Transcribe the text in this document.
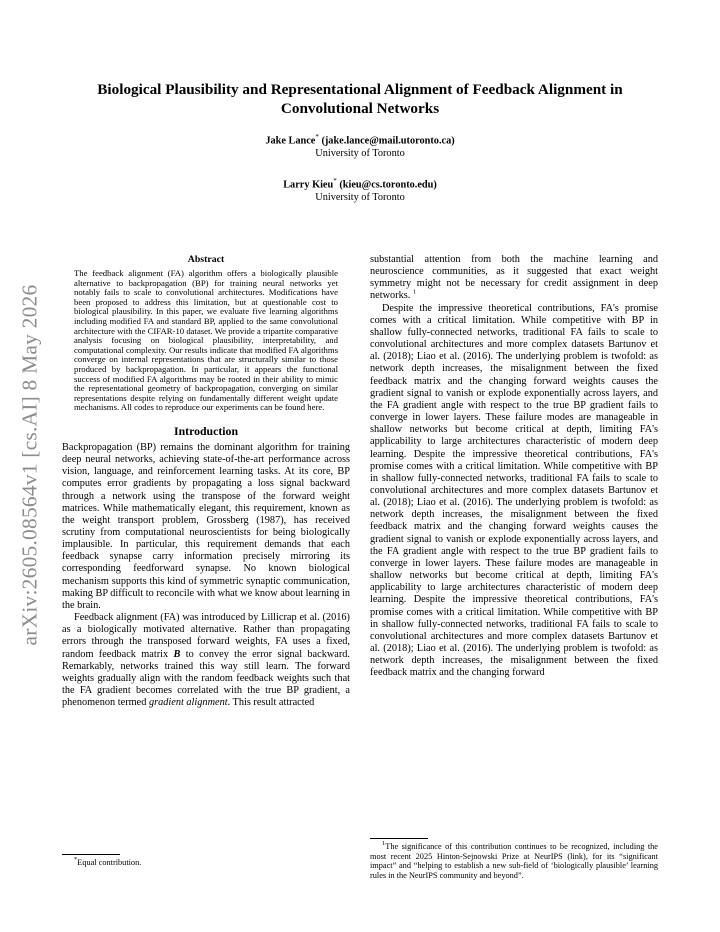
arXiv:2605.08564v1 [cs.AI] 8 May 2026
Biological Plausibility and Representational Alignment of Feedback Alignment in Convolutional Networks
Jake Lance* (jake.lance@mail.utoronto.ca)
University of Toronto
Larry Kieu* (kieu@cs.toronto.edu)
University of Toronto
Abstract

The feedback alignment (FA) algorithm offers a biologically plausible alternative to backpropagation (BP) for training neural networks yet notably fails to scale to convolutional architectures. Modifications have been proposed to address this limitation, but at questionable cost to biological plausibility. In this paper, we evaluate five learning algorithms including modified FA and standard BP, applied to the same convolutional architecture with the CIFAR-10 dataset. We provide a tripartite comparative analysis focusing on biological plausibility, interpretability, and computational complexity. Our results indicate that modified FA algorithms converge on internal representations that are structurally similar to those produced by backpropagation. In particular, it appears the functional success of modified FA algorithms may be rooted in their ability to mimic the representational geometry of backpropagation, converging on similar representations despite relying on fundamentally different weight update mechanisms. All codes to reproduce our experiments can be found here.

Introduction

Backpropagation (BP) remains the dominant algorithm for training deep neural networks, achieving state-of-the-art performance across vision, language, and reinforcement learning tasks. At its core, BP computes error gradients by propagating a loss signal backward through a network using the transpose of the forward weight matrices. While mathematically elegant, this requirement, known as the weight transport problem, Grossberg (1987), has received scrutiny from computational neuroscientists for being biologically implausible. In particular, this requirement demands that each feedback synapse carry information precisely mirroring its corresponding feedforward synapse. No known biological mechanism supports this kind of symmetric synaptic communication, making BP difficult to reconcile with what we know about learning in the brain.

Feedback alignment (FA) was introduced by Lillicrap et al. (2016) as a biologically motivated alternative. Rather than propagating errors through the transposed forward weights, FA uses a fixed, random feedback matrix B to convey the error signal backward. Remarkably, networks trained this way still learn. The forward weights gradually align with the random feedback weights such that the FA gradient becomes correlated with the true BP gradient, a phenomenon termed gradient alignment. This result attracted

*Equal contribution.

substantial attention from both the machine learning and neuroscience communities, as it suggested that exact weight symmetry might not be necessary for credit assignment in deep networks. $^1$

Despite the impressive theoretical contributions, FA's promise comes with a critical limitation. While competitive with BP in shallow fully-connected networks, traditional FA fails to scale to convolutional architectures and more complex datasets Bartunov et al. (2018); Liao et al. (2016). The underlying problem is twofold: as network depth increases, the misalignment between the fixed feedback matrix and the changing forward weights causes the gradient signal to vanish or explode exponentially across layers, and the FA gradient angle with respect to the true BP gradient fails to converge in lower layers. These failure modes are manageable in shallow networks but become critical at depth, limiting FA's applicability to large architectures characteristic of modern deep learning. Despite the impressive theoretical contributions, FA's promise comes with a critical limitation. While competitive with BP in shallow fully-connected networks, traditional FA fails to scale to convolutional architectures and more complex datasets Bartunov et al. (2018); Liao et al. (2016). The underlying problem is twofold: as network depth increases, the misalignment between the fixed feedback matrix and the changing forward weights causes the gradient signal to vanish or explode exponentially across layers, and the FA gradient angle with respect to the true BP gradient fails to converge in lower layers. These failure modes are manageable in shallow networks but become critical at depth, limiting FA's applicability to large architectures characteristic of modern deep learning. Despite the impressive theoretical contributions, FA's promise comes with a critical limitation. While competitive with BP in shallow fully-connected networks, traditional FA fails to scale to convolutional architectures and more complex datasets Bartunov et al. (2018); Liao et al. (2016). The underlying problem is twofold: as network depth increases, the misalignment between the fixed feedback matrix and the changing forward

$^1$The significance of this contribution continues to be recognized, including the most recent 2025 Hinton-Sejnowski Prize at NeurIPS (link), for its “significant impact” and “helping to establish a new sub-field of ‘biologically plausible’ learning rules in the NeurIPS community and beyond”.
